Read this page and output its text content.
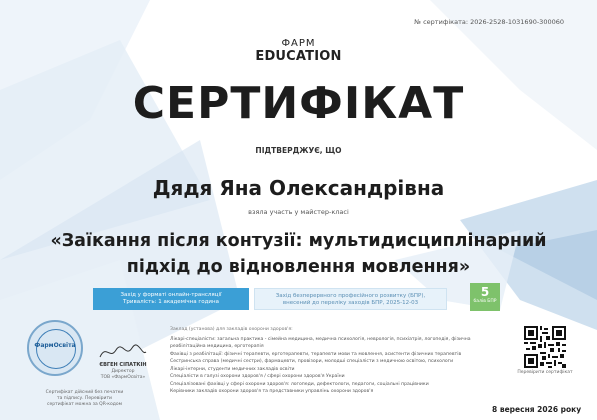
№ сертифіката: 2026-2528-1031690-300060
ФАРМ
EDUCATION
СЕРТИФІКАТ
ПІДТВЕРДЖУЄ, ЩО
Дядя Яна Олександрівна
взяла участь у майстер-класі
«Заїкання після контузії: мультидисциплінарний
підхід до відновлення мовлення»
Захід у форматі онлайн-трансляції
Тривалість: 1 академічна година
Захід безперервного професійного розвитку (БПР),
внесений до переліку заходів БПР, 2025-12-03
5
балів БПР
ФармОсвіта
ЄВГЕН СІПАТКІН
Директор
ТОВ «ФармОсвіта»
Сертифікат дійсний без печатки
та підпису. Перевірити
сертифікат можна за QR-кодом
Заклад (установа) для закладів охорони здоров'я:
Лікарі-спеціалісти: загальна практика - сімейна медицина, медична психологія, неврологія, психіатрія, логопедія, фізична реабілітаційна медицина, ерготерапія
Фахівці з реабілітації: фізичні терапевти, ерготерапевти, терапевти мови та мовлення, асистенти фізичних терапевтів
Сестринська справа (медичні сестри), фармацевти, провізори, молодші спеціалісти з медичною освітою, психологи
Лікарі-інтерни, студенти медичних закладів освіти
Спеціалісти в галузі охорони здоров'я / сфері охорони здоров'я України
Спеціалізовані фахівці у сфері охорони здоров'я: логопеди, дефектологи, педагоги, соціальні працівники
Керівники закладів охорони здоров'я та представники управлінь охорони здоров'я
Перевірити сертифікат
8 вересня 2026 року
